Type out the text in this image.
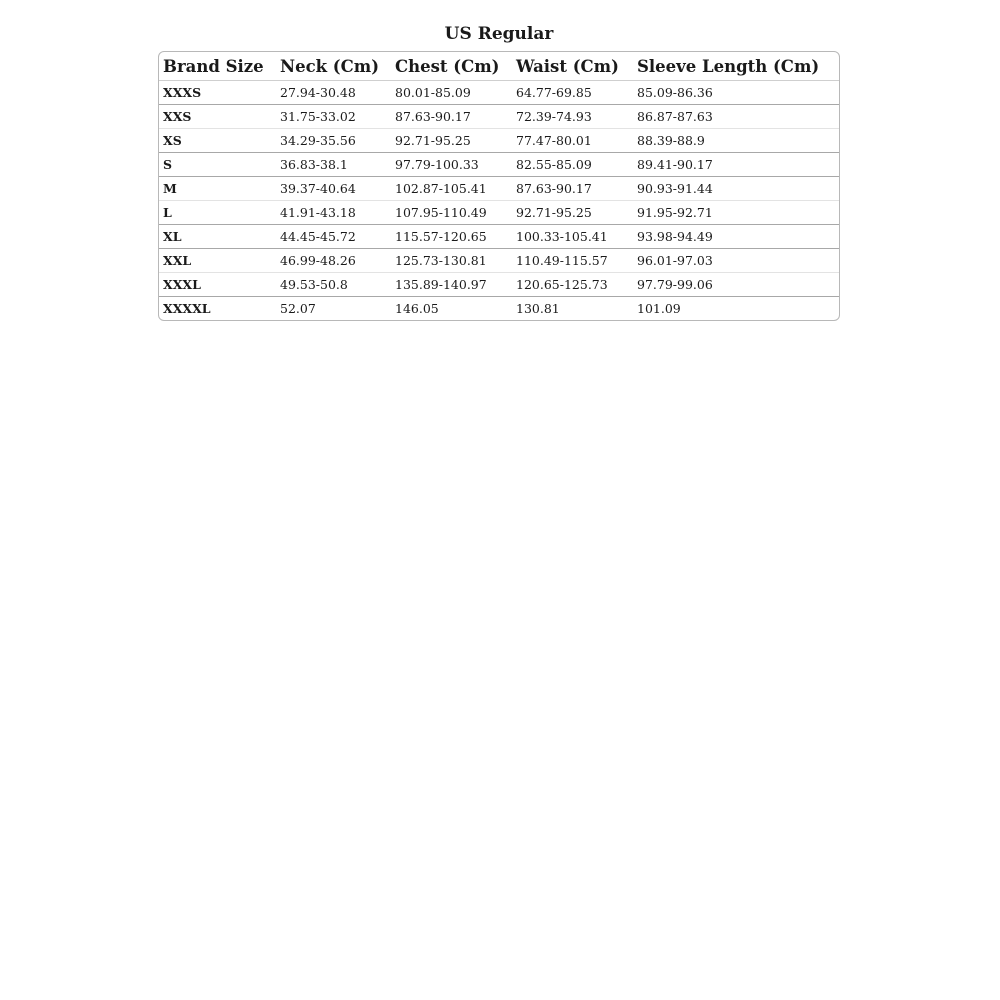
US Regular
Brand Size	Neck (Cm)	Chest (Cm)	Waist (Cm)	Sleeve Length (Cm)
XXXS	27.94-30.48	80.01-85.09	64.77-69.85	85.09-86.36
XXS	31.75-33.02	87.63-90.17	72.39-74.93	86.87-87.63
XS	34.29-35.56	92.71-95.25	77.47-80.01	88.39-88.9
S	36.83-38.1	97.79-100.33	82.55-85.09	89.41-90.17
M	39.37-40.64	102.87-105.41	87.63-90.17	90.93-91.44
L	41.91-43.18	107.95-110.49	92.71-95.25	91.95-92.71
XL	44.45-45.72	115.57-120.65	100.33-105.41	93.98-94.49
XXL	46.99-48.26	125.73-130.81	110.49-115.57	96.01-97.03
XXXL	49.53-50.8	135.89-140.97	120.65-125.73	97.79-99.06
XXXXL	52.07	146.05	130.81	101.09
